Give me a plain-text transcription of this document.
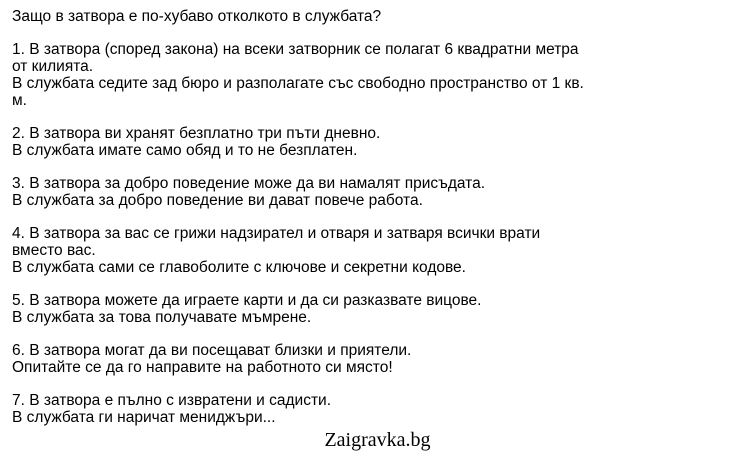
Защо в затвора е по-хубаво отколкото в службата?

1. В затвора (според закона) на всеки затворник се полагат 6 квадратни метра от килията.

В службата седите зад бюро и разполагате със свободно пространство от 1 кв. м.

2. В затвора ви хранят безплатно три пъти дневно.

В службата имате само обяд и то не безплатен.

3. В затвора за добро поведение може да ви намалят присъдата.

В службата за добро поведение ви дават повече работа.

4. В затвора за вас се грижи надзирател и отваря и затваря всички врати вместо вас.

В службата сами се главоболите с ключове и секретни кодове.

5. В затвора можете да играете карти и да си разказвате вицове.

В службата за това получавате мъмрене.

6. В затвора могат да ви посещават близки и приятели.

Опитайте се да го направите на работното си място!

7. В затвора е пълно с извратени и садисти.

В службата ги наричат мениджъри...

Zaigravka.bg
